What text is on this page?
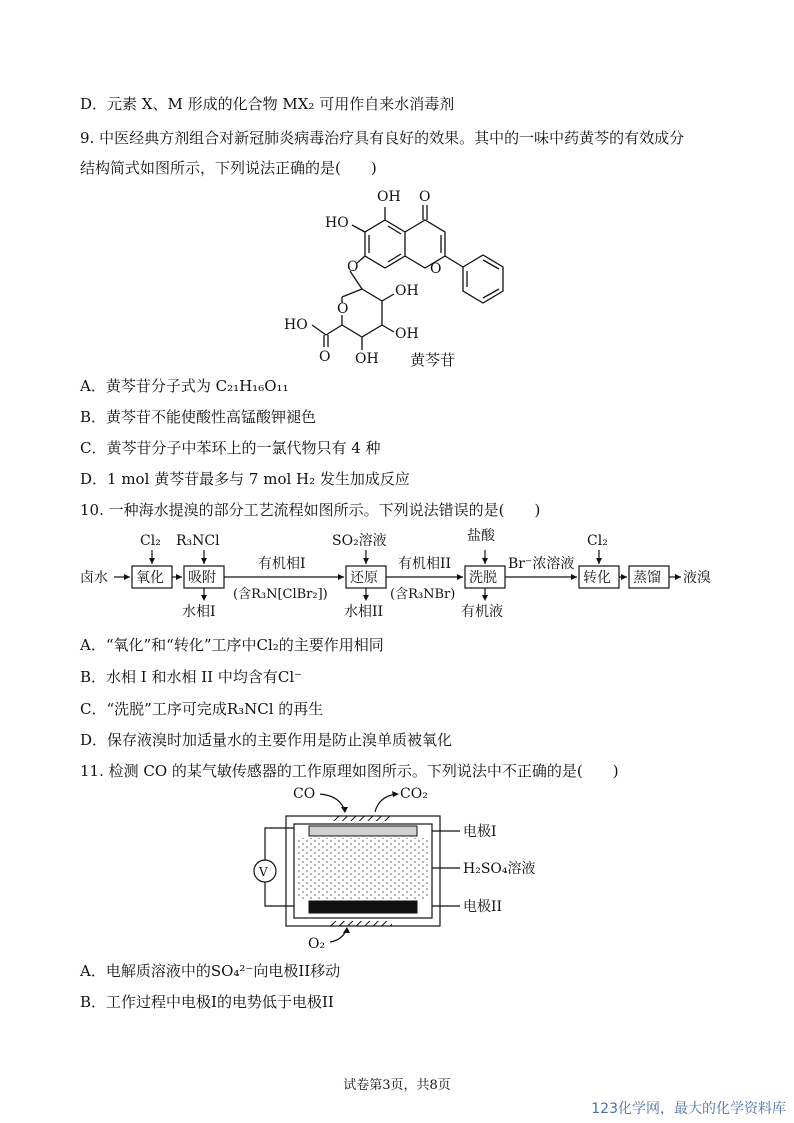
D．元素 X、M 形成的化合物 MX₂ 可用作自来水消毒剂
9. 中医经典方剂组合对新冠肺炎病毒治疗具有良好的效果。其中的一味中药黄芩的有效成分
结构简式如图所示，下列说法正确的是(　　)
OH O
HO
O
O
O
OH
OH
OH
HO
O	黄芩苷
A．黄芩苷分子式为 C₂₁H₁₆O₁₁
B．黄芩苷不能使酸性高锰酸钾褪色
C．黄芩苷分子中苯环上的一氯代物只有 4 种
D．1 mol 黄芩苷最多与 7 mol H₂ 发生加成反应
10. 一种海水提溴的部分工艺流程如图所示。下列说法错误的是(　　)
卤水	液溴
氧化 吸附	还原	洗脱	转化 蒸馏
Cl₂ R₃NCl	SO₂溶液	盐酸	Cl₂
水相I	水相II	有机液
有机相I
(含R₃N[ClBr₂])
有机相II
(含R₃NBr)
Br⁻浓溶液
A．“氧化”和“转化”工序中Cl₂的主要作用相同
B．水相 I 和水相 II 中均含有Cl⁻
C．“洗脱”工序可完成R₃NCl 的再生
D．保存液溴时加适量水的主要作用是防止溴单质被氧化
11. 检测 CO 的某气敏传感器的工作原理如图所示。下列说法中不正确的是(　　)
V
CO	CO₂
O₂
电极I
H₂SO₄溶液
电极II
A．电解质溶液中的SO₄²⁻向电极II移动
B．工作过程中电极I的电势低于电极II
试卷第3页，共8页
123化学网，最大的化学资料库
